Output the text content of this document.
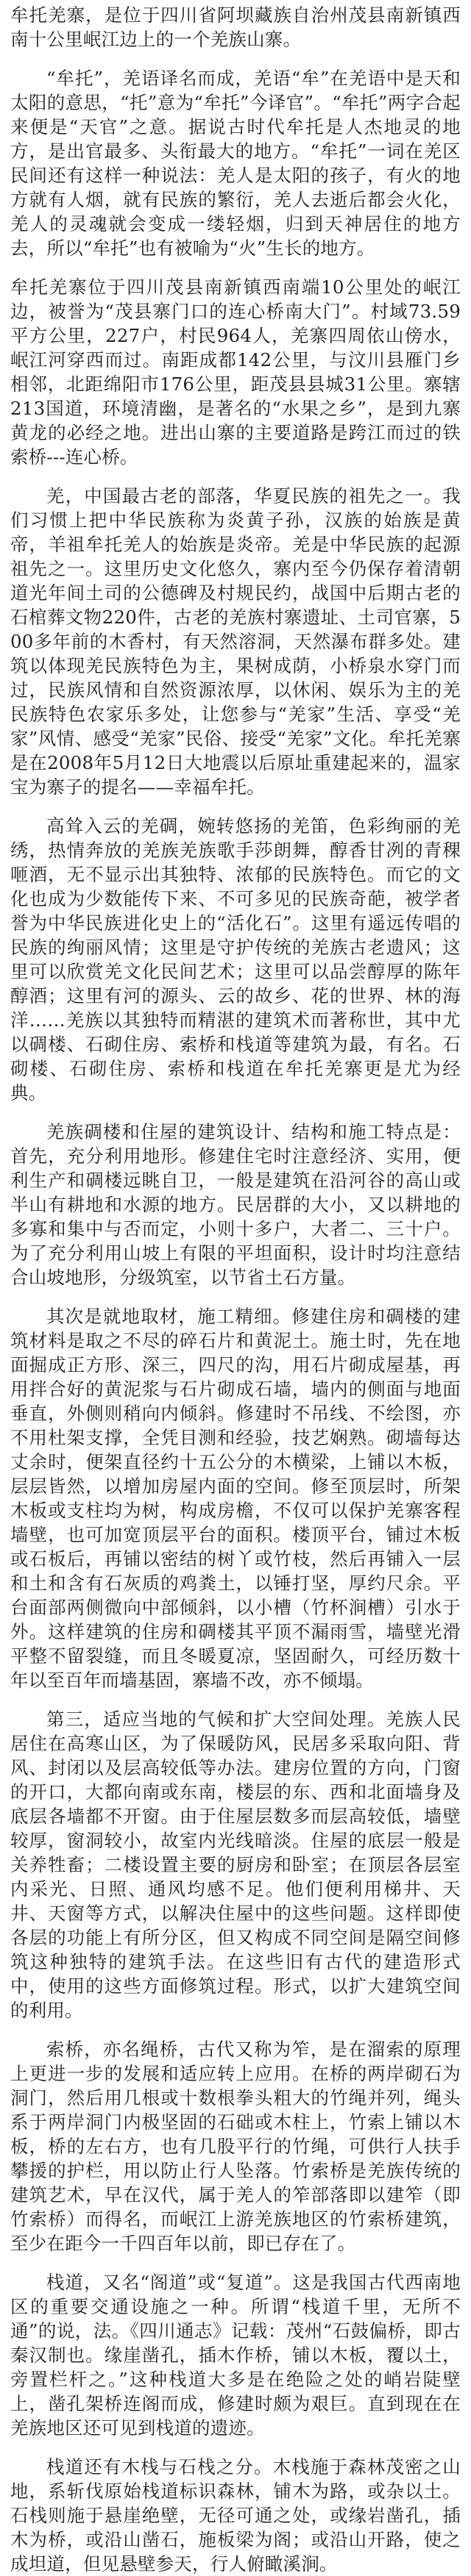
牟托羌寨，是位于四川省阿坝藏族自治州茂县南新镇西南十公里岷江边上的一个羌族山寨。

“牟托”，羌语译名而成，羌语“牟”在羌语中是天和太阳的意思，“托”意为“牟托”今译官”。“牟托”两字合起来便是“天官”之意。据说古时代牟托是人杰地灵的地方，是出官最多、头衔最大的地方。“牟托”一词在羌区民间还有这样一种说法：羌人是太阳的孩子，有火的地方就有人烟，就有民族的繁衍，羌人去逝后都会火化，羌人的灵魂就会变成一缕轻烟，归到天神居住的地方去，所以“牟托”也有被喻为“火”生长的地方。

牟托羌寨位于四川茂县南新镇西南端10公里处的岷江边，被誉为“茂县寨门口的连心桥南大门”。村域73.59平方公里，227户，村民964人，羌寨四周依山傍水，岷江河穿西而过。南距成都142公里，与汶川县雁门乡相邻，北距绵阳市176公里，距茂县县城31公里。寨辖213国道，环境清幽，是著名的“水果之乡”，是到九寨黄龙的必经之地。进出山寨的主要道路是跨江而过的铁索桥---连心桥。

羌，中国最古老的部落，华夏民族的祖先之一。我们习惯上把中华民族称为炎黄子孙，汉族的始族是黄帝，羊祖牟托羌人的始族是炎帝。羌是中华民族的起源祖先之一。这里历史文化悠久，寨内至今仍保存着清朝道光年间土司的公德碑及村规民约，战国中后期古老的石棺葬文物220件，古老的羌族村寨遗址、土司官寨，500多年前的木香村，有天然溶洞，天然瀑布群多处。建筑以体现羌民族特色为主，果树成荫，小桥泉水穿门而过，民族风情和自然资源浓厚，以休闲、娱乐为主的羌民族特色农家乐多处，让您参与“羌家”生活、享受“羌家”风情、感受“羌家”民俗、接受“羌家”文化。牟托羌寨是在2008年5月12日大地震以后原址重建起来的，温家宝为寨子的提名——幸福牟托。

高耸入云的羌碉，婉转悠扬的羌笛，色彩绚丽的羌绣，热情奔放的羌族羌族歌手莎朗舞，醇香甘冽的青稞咂酒，无不显示出其独特、浓郁的民族特色。而它的文化也成为少数能传下来、不可多见的民族奇葩，被学者誉为中华民族进化史上的“活化石”。这里有遥远传唱的民族的绚丽风情；这里是守护传统的羌族古老遗风；这里可以欣赏羌文化民间艺术；这里可以品尝醇厚的陈年醇酒；这里有河的源头、云的故乡、花的世界、林的海洋……羌族以其独特而精湛的建筑术而著称世，其中尤以碉楼、石砌住房、索桥和栈道等建筑为最，有名。石砌楼、石砌住房、索桥和栈道在牟托羌寨更是尤为经典。

羌族碉楼和住屋的建筑设计、结构和施工特点是：首先，充分利用地形。修建住宅时注意经济、实用，便利生产和碉楼远眺自卫，一般是建筑在沿河谷的高山或半山有耕地和水源的地方。民居群的大小，又以耕地的多寡和集中与否而定，小则十多户，大者二、三十户。为了充分利用山坡上有限的平坦面积，设计时均注意结合山坡地形，分级筑室，以节省土石方量。

其次是就地取材，施工精细。修建住房和碉楼的建筑材料是取之不尽的碎石片和黄泥土。施土时，先在地面掘成正方形、深三，四尺的沟，用石片砌成屋基，再用拌合好的黄泥浆与石片砌成石墙，墙内的侧面与地面垂直，外侧则稍向内倾斜。修建时不吊线、不绘图，亦不用杜架支撑，全凭目测和经验，技艺娴熟。砌墙每达丈余时，便架直径约十五公分的木横梁，上铺以木板，层层皆然，以增加房屋内面的空间。修至顶层时，所架木板或支柱均为树，构成房檐，不仅可以保护羌寨客程墙壁，也可加宽顶层平台的面积。楼顶平台，铺过木板或石板后，再铺以密结的树丫或竹枝，然后再铺入一层和土和含有石灰质的鸡粪土，以锤打坚，厚约尺余。平台面部两侧微向中部倾斜，以小槽（竹杯涧槽）引水于外。这样建筑的住房和碉楼其平顶不漏雨雪，墙壁光滑平整不留裂缝，而且冬暖夏凉，坚固耐久，可经历数十年以至百年而墙基固，寨墙不改，亦不倾塌。

第三，适应当地的气候和扩大空间处理。羌族人民居住在高寒山区，为了保暖防风，民居多采取向阳、背风、封闭以及层高较低等办法。建房位置的方向，门窗的开口，大都向南或东南，楼层的东、西和北面墙身及底层各墙都不开窗。由于住屋层数多而层高较低，墙壁较厚，窗洞较小，故室内光线暗淡。住屋的底层一般是关养牲畜；二楼设置主要的厨房和卧室；在顶层各层室内采光、日照、通风均感不足。他们便利用梯井、天井、天窗等方式，以解决住屋中的这些问题。这样即使各层的功能上有所分区，但又构成不同空间是隔空间修筑这种独特的建筑手法。在这些旧有古代的建造形式中，使用的这些方面修筑过程。形式，以扩大建筑空间的利用。

索桥，亦名绳桥，古代又称为笮，是在溜索的原理上更进一步的发展和适应转上应用。在桥的两岸砌石为洞门，然后用几根或十数根拳头粗大的竹绳并列，绳头系于两岸洞门内极坚固的石础或木柱上，竹索上铺以木板，桥的左右方，也有几股平行的竹绳，可供行人扶手攀援的护栏，用以防止行人坠落。竹索桥是羌族传统的建筑艺术，早在汉代，属于羌人的笮部落即以建笮（即竹索桥）而得名，而岷江上游羌族地区的竹索桥建筑，至少在距今一千四百年以前，即已存在了。

栈道，又名“阁道”或“复道”。这是我国古代西南地区的重要交通设施之一种。所谓“栈道千里，无所不通”的说，法。《四川通志》记载：茂州“石鼓偏桥，即古秦汉制也。缘崖凿孔，插木作桥，铺以木板，覆以土，旁置栏杆之。”这种栈道大多是在绝险之处的峭岩陡壁上，凿孔架桥连阁而成，修建时颇为艰巨。直到现在在羌族地区还可见到栈道的遗迹。

栈道还有木栈与石栈之分。木栈施于森林茂密之山地，系斩伐原始栈道标识森林，铺木为路，或杂以土。石栈则施于悬崖绝壁，无径可通之处，或缘岩凿孔，插木为桥，或沿山凿石，施板梁为阁；或沿山开路，使之成坦道，但见悬壁参天，行人俯瞰溪涧。
